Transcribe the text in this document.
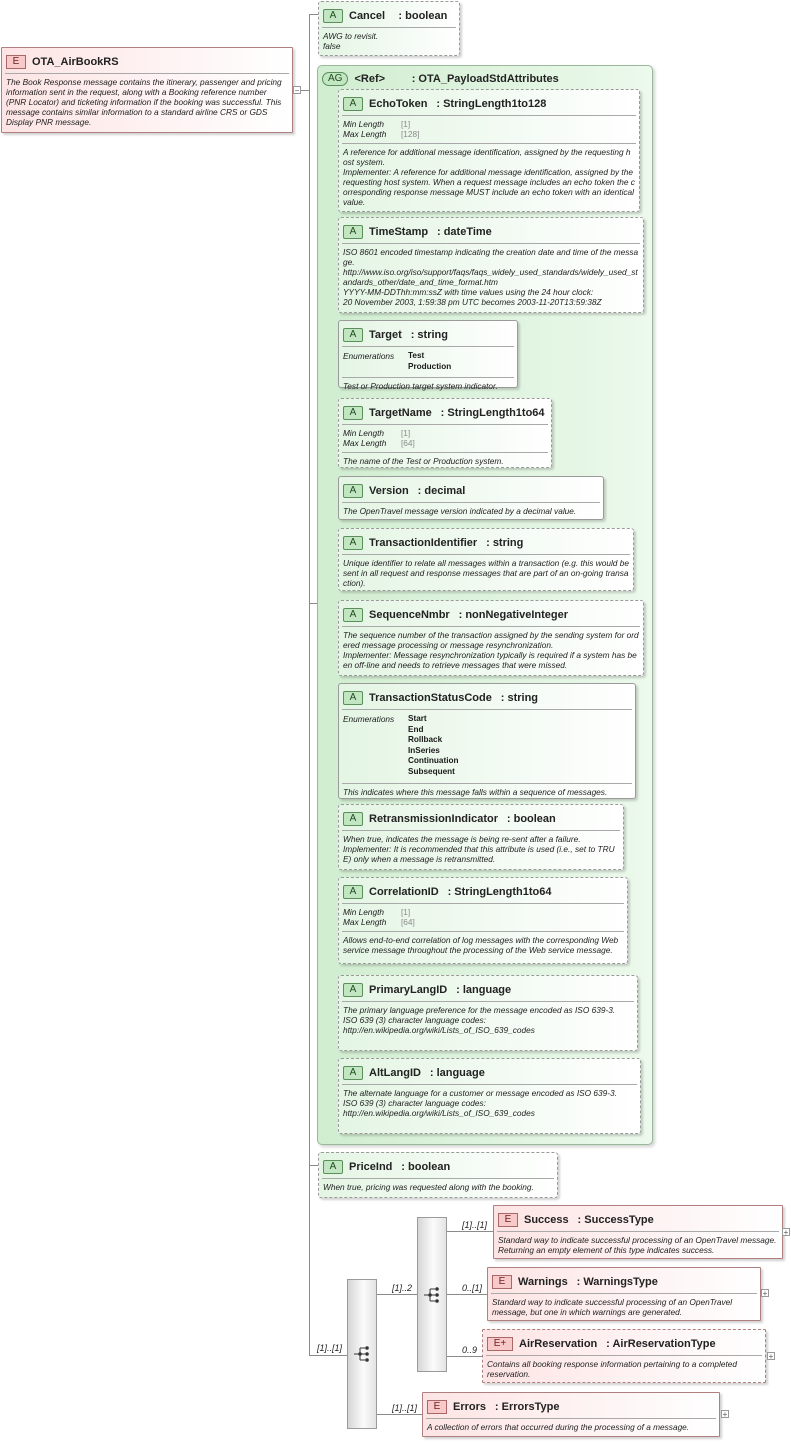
E OTA_AirBookRS
The Book Response message contains the itinerary, passenger and pricing information sent in the request, along with a Booking reference number (PNR Locator) and ticketing information if the booking was successful. This message contains similar information to a standard airline CRS or GDS Display PNR message.
−
A Cancel : boolean
AWG to revisit.
false
AG <Ref> : OTA_PayloadStdAttributes
A EchoToken : StringLength1to128
Min Length [1]
Max Length [128]
A reference for additional message identification, assigned by the requesting host system.
Implementer: A reference for additional message identification, assigned by the requesting host system. When a request message includes an echo token the corresponding response message MUST include an echo token with an identical value.
A TimeStamp : dateTime
ISO 8601 encoded timestamp indicating the creation date and time of the message.
http://www.iso.org/iso/support/faqs/faqs_widely_used_standards/widely_used_standards_other/date_and_time_format.htm
YYYY-MM-DDThh:mm:ssZ with time values using the 24 hour clock:
20 November 2003, 1:59:38 pm UTC becomes 2003-11-20T13:59:38Z
A Target : string
Enumerations	Test
Production
Test or Production target system indicator.
A TargetName : StringLength1to64
Min Length [1]
Max Length [64]
The name of the Test or Production system.
A Version : decimal
The OpenTravel message version indicated by a decimal value.
A TransactionIdentifier : string
Unique identifier to relate all messages within a transaction (e.g. this would be sent in all request and response messages that are part of an on-going transaction).
A SequenceNmbr : nonNegativeInteger
The sequence number of the transaction assigned by the sending system for ordered message processing or message resynchronization.
Implementer: Message resynchronization typically is required if a system has been off-line and needs to retrieve messages that were missed.
A TransactionStatusCode : string
Enumerations	Start
End
Rollback
InSeries
Continuation
Subsequent
This indicates where this message falls within a sequence of messages.
A RetransmissionIndicator : boolean
When true, indicates the message is being re-sent after a failure.
Implementer: It is recommended that this attribute is used (i.e., set to TRUE) only when a message is retransmitted.
A CorrelationID : StringLength1to64
Min Length [1]
Max Length [64]
Allows end-to-end correlation of log messages with the corresponding Web service message throughout the processing of the Web service message.
A PrimaryLangID : language
The primary language preference for the message encoded as ISO 639-3.
ISO 639 (3) character language codes:
http://en.wikipedia.org/wiki/Lists_of_ISO_639_codes
A AltLangID : language
The alternate language for a customer or message encoded as ISO 639-3.
ISO 639 (3) character language codes:
http://en.wikipedia.org/wiki/Lists_of_ISO_639_codes
A PriceInd : boolean
When true, pricing was requested along with the booking.
[1]..[1]
[1]..2
E Success : SuccessType
Standard way to indicate successful processing of an OpenTravel message. Returning an empty element of this type indicates success.
[1]..[1]
+
E Warnings : WarningsType
Standard way to indicate successful processing of an OpenTravel message, but one in which warnings are generated.
0..[1]
+
E+ AirReservation : AirReservationType
Contains all booking response information pertaining to a completed reservation.
0..9
+
E Errors : ErrorsType
A collection of errors that occurred during the processing of a message.
[1]..[1]
+
